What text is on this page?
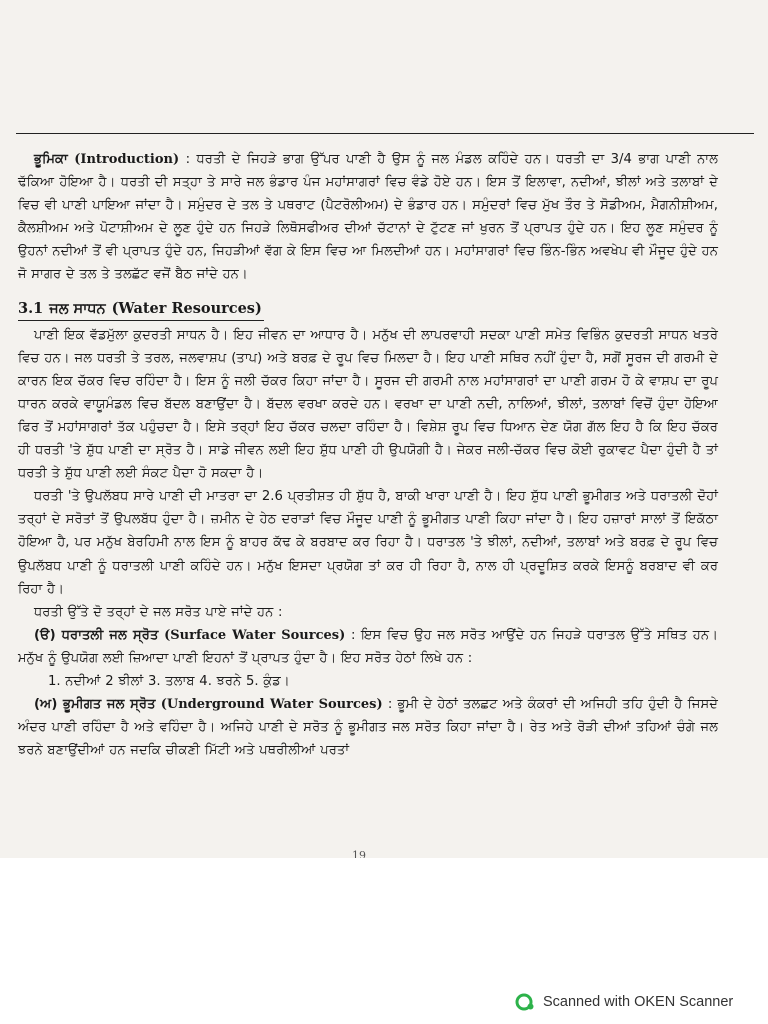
ਭੂਮਿਕਾ (Introduction) : ਧਰਤੀ ਦੇ ਜਿਹੜੇ ਭਾਗ ਉੱਪਰ ਪਾਣੀ ਹੈ ਉਸ ਨੂੰ ਜਲ ਮੰਡਲ ਕਹਿੰਦੇ ਹਨ। ਧਰਤੀ ਦਾ 3/4 ਭਾਗ ਪਾਣੀ ਨਾਲ ਢੱਕਿਆ ਹੋਇਆ ਹੈ। ਧਰਤੀ ਦੀ ਸਤ੍ਹਾ ਤੇ ਸਾਰੇ ਜਲ ਭੰਡਾਰ ਪੰਜ ਮਹਾਂਸਾਗਰਾਂ ਵਿਚ ਵੰਡੇ ਹੋਏ ਹਨ। ਇਸ ਤੋਂ ਇਲਾਵਾ, ਨਦੀਆਂ, ਝੀਲਾਂ ਅਤੇ ਤਲਾਬਾਂ ਦੇ ਵਿਚ ਵੀ ਪਾਣੀ ਪਾਇਆ ਜਾਂਦਾ ਹੈ। ਸਮੁੰਦਰ ਦੇ ਤਲ ਤੇ ਪਥਰਾਟ (ਪੈਟਰੋਲੀਅਮ) ਦੇ ਭੰਡਾਰ ਹਨ। ਸਮੁੰਦਰਾਂ ਵਿਚ ਮੁੱਖ ਤੌਰ ਤੇ ਸੋਡੀਅਮ, ਮੈਗਨੀਸ਼ੀਅਮ, ਕੈਲਸ਼ੀਅਮ ਅਤੇ ਪੋਟਾਸ਼ੀਅਮ ਦੇ ਲੂਣ ਹੁੰਦੇ ਹਨ ਜਿਹੜੇ ਲਿਥੋਸਫੀਅਰ ਦੀਆਂ ਚੱਟਾਨਾਂ ਦੇ ਟੁੱਟਣ ਜਾਂ ਖੁਰਨ ਤੋਂ ਪ੍ਰਾਪਤ ਹੁੰਦੇ ਹਨ। ਇਹ ਲੂਣ ਸਮੁੰਦਰ ਨੂੰ ਉਹਨਾਂ ਨਦੀਆਂ ਤੋਂ ਵੀ ਪ੍ਰਾਪਤ ਹੁੰਦੇ ਹਨ, ਜਿਹੜੀਆਂ ਵੱਗ ਕੇ ਇਸ ਵਿਚ ਆ ਮਿਲਦੀਆਂ ਹਨ। ਮਹਾਂਸਾਗਰਾਂ ਵਿਚ ਭਿੰਨ-ਭਿੰਨ ਅਵਖੇਪ ਵੀ ਮੌਜੂਦ ਹੁੰਦੇ ਹਨ ਜੋ ਸਾਗਰ ਦੇ ਤਲ ਤੇ ਤਲਛੱਟ ਵਜੋਂ ਬੈਠ ਜਾਂਦੇ ਹਨ।

3.1 ਜਲ ਸਾਧਨ (Water Resources)

ਪਾਣੀ ਇਕ ਵੱਡਮੁੱਲਾ ਕੁਦਰਤੀ ਸਾਧਨ ਹੈ। ਇਹ ਜੀਵਨ ਦਾ ਆਧਾਰ ਹੈ। ਮਨੁੱਖ ਦੀ ਲਾਪਰਵਾਹੀ ਸਦਕਾ ਪਾਣੀ ਸਮੇਤ ਵਿਭਿੰਨ ਕੁਦਰਤੀ ਸਾਧਨ ਖਤਰੇ ਵਿਚ ਹਨ। ਜਲ ਧਰਤੀ ਤੇ ਤਰਲ, ਜਲਵਾਸ਼ਪ (ਤਾਪ) ਅਤੇ ਬਰਫ਼ ਦੇ ਰੂਪ ਵਿਚ ਮਿਲਦਾ ਹੈ। ਇਹ ਪਾਣੀ ਸਥਿਰ ਨਹੀਂ ਹੁੰਦਾ ਹੈ, ਸਗੋਂ ਸੂਰਜ ਦੀ ਗਰਮੀ ਦੇ ਕਾਰਨ ਇਕ ਚੱਕਰ ਵਿਚ ਰਹਿੰਦਾ ਹੈ। ਇਸ ਨੂੰ ਜਲੀ ਚੱਕਰ ਕਿਹਾ ਜਾਂਦਾ ਹੈ। ਸੂਰਜ ਦੀ ਗਰਮੀ ਨਾਲ ਮਹਾਂਸਾਗਰਾਂ ਦਾ ਪਾਣੀ ਗਰਮ ਹੋ ਕੇ ਵਾਸ਼ਪ ਦਾ ਰੂਪ ਧਾਰਨ ਕਰਕੇ ਵਾਯੂਮੰਡਲ ਵਿਚ ਬੱਦਲ ਬਣਾਉਂਦਾ ਹੈ। ਬੱਦਲ ਵਰਖਾ ਕਰਦੇ ਹਨ। ਵਰਖਾ ਦਾ ਪਾਣੀ ਨਦੀ, ਨਾਲਿਆਂ, ਝੀਲਾਂ, ਤਲਾਬਾਂ ਵਿਚੋਂ ਹੁੰਦਾ ਹੋਇਆ ਫਿਰ ਤੋਂ ਮਹਾਂਸਾਗਰਾਂ ਤੱਕ ਪਹੁੰਚਦਾ ਹੈ। ਇਸੇ ਤਰ੍ਹਾਂ ਇਹ ਚੱਕਰ ਚਲਦਾ ਰਹਿੰਦਾ ਹੈ। ਵਿਸ਼ੇਸ਼ ਰੂਪ ਵਿਚ ਧਿਆਨ ਦੇਣ ਯੋਗ ਗੱਲ ਇਹ ਹੈ ਕਿ ਇਹ ਚੱਕਰ ਹੀ ਧਰਤੀ 'ਤੇ ਸ਼ੁੱਧ ਪਾਣੀ ਦਾ ਸ੍ਰੋਤ ਹੈ। ਸਾਡੇ ਜੀਵਨ ਲਈ ਇਹ ਸ਼ੁੱਧ ਪਾਣੀ ਹੀ ਉਪਯੋਗੀ ਹੈ। ਜੇਕਰ ਜਲੀ-ਚੱਕਰ ਵਿਚ ਕੋਈ ਰੁਕਾਵਟ ਪੈਦਾ ਹੁੰਦੀ ਹੈ ਤਾਂ ਧਰਤੀ ਤੇ ਸ਼ੁੱਧ ਪਾਣੀ ਲਈ ਸੰਕਟ ਪੈਦਾ ਹੋ ਸਕਦਾ ਹੈ।

ਧਰਤੀ 'ਤੇ ਉਪਲੱਬਧ ਸਾਰੇ ਪਾਣੀ ਦੀ ਮਾਤਰਾ ਦਾ 2.6 ਪ੍ਰਤੀਸ਼ਤ ਹੀ ਸ਼ੁੱਧ ਹੈ, ਬਾਕੀ ਖਾਰਾ ਪਾਣੀ ਹੈ। ਇਹ ਸ਼ੁੱਧ ਪਾਣੀ ਭੂਮੀਗਤ ਅਤੇ ਧਰਾਤਲੀ ਦੋਹਾਂ ਤਰ੍ਹਾਂ ਦੇ ਸਰੋਤਾਂ ਤੋਂ ਉਪਲਬੱਧ ਹੁੰਦਾ ਹੈ। ਜ਼ਮੀਨ ਦੇ ਹੇਠ ਦਰਾੜਾਂ ਵਿਚ ਮੌਜੂਦ ਪਾਣੀ ਨੂੰ ਭੂਮੀਗਤ ਪਾਣੀ ਕਿਹਾ ਜਾਂਦਾ ਹੈ। ਇਹ ਹਜ਼ਾਰਾਂ ਸਾਲਾਂ ਤੋਂ ਇਕੱਠਾ ਹੋਇਆ ਹੈ, ਪਰ ਮਨੁੱਖ ਬੇਰਹਿਮੀ ਨਾਲ ਇਸ ਨੂੰ ਬਾਹਰ ਕੱਢ ਕੇ ਬਰਬਾਦ ਕਰ ਰਿਹਾ ਹੈ। ਧਰਾਤਲ 'ਤੇ ਝੀਲਾਂ, ਨਦੀਆਂ, ਤਲਾਬਾਂ ਅਤੇ ਬਰਫ਼ ਦੇ ਰੂਪ ਵਿਚ ਉਪਲੱਬਧ ਪਾਣੀ ਨੂੰ ਧਰਾਤਲੀ ਪਾਣੀ ਕਹਿੰਦੇ ਹਨ। ਮਨੁੱਖ ਇਸਦਾ ਪ੍ਰਯੋਗ ਤਾਂ ਕਰ ਹੀ ਰਿਹਾ ਹੈ, ਨਾਲ ਹੀ ਪ੍ਰਦੂਸ਼ਿਤ ਕਰਕੇ ਇਸਨੂੰ ਬਰਬਾਦ ਵੀ ਕਰ ਰਿਹਾ ਹੈ।

ਧਰਤੀ ਉੱਤੇ ਦੋ ਤਰ੍ਹਾਂ ਦੇ ਜਲ ਸਰੋਤ ਪਾਏ ਜਾਂਦੇ ਹਨ :

(ੳ) ਧਰਾਤਲੀ ਜਲ ਸ੍ਰੋਤ (Surface Water Sources) : ਇਸ ਵਿਚ ਉਹ ਜਲ ਸਰੋਤ ਆਉਂਦੇ ਹਨ ਜਿਹੜੇ ਧਰਾਤਲ ਉੱਤੇ ਸਥਿਤ ਹਨ। ਮਨੁੱਖ ਨੂੰ ਉਪਯੋਗ ਲਈ ਜ਼ਿਆਦਾ ਪਾਣੀ ਇਹਨਾਂ ਤੋਂ ਪ੍ਰਾਪਤ ਹੁੰਦਾ ਹੈ। ਇਹ ਸਰੋਤ ਹੇਠਾਂ ਲਿਖੇ ਹਨ :

1. ਨਦੀਆਂ 2 ਝੀਲਾਂ 3. ਤਲਾਬ 4. ਝਰਨੇ 5. ਕੁੰਡ।

(ਅ) ਭੂਮੀਗਤ ਜਲ ਸ੍ਰੋਤ (Underground Water Sources) : ਭੂਮੀ ਦੇ ਹੇਠਾਂ ਤਲਛਟ ਅਤੇ ਕੰਕਰਾਂ ਦੀ ਅਜਿਹੀ ਤਹਿ ਹੁੰਦੀ ਹੈ ਜਿਸਦੇ ਅੰਦਰ ਪਾਣੀ ਰਹਿੰਦਾ ਹੈ ਅਤੇ ਵਹਿੰਦਾ ਹੈ। ਅਜਿਹੇ ਪਾਣੀ ਦੇ ਸਰੋਤ ਨੂੰ ਭੂਮੀਗਤ ਜਲ ਸਰੋਤ ਕਿਹਾ ਜਾਂਦਾ ਹੈ। ਰੇਤ ਅਤੇ ਰੋੜੀ ਦੀਆਂ ਤਹਿਆਂ ਚੰਗੇ ਜਲ ਝਰਨੇ ਬਣਾਉਂਦੀਆਂ ਹਨ ਜਦਕਿ ਚੀਕਣੀ ਮਿੱਟੀ ਅਤੇ ਪਥਰੀਲੀਆਂ ਪਰਤਾਂ

19
Scanned with OKEN Scanner
